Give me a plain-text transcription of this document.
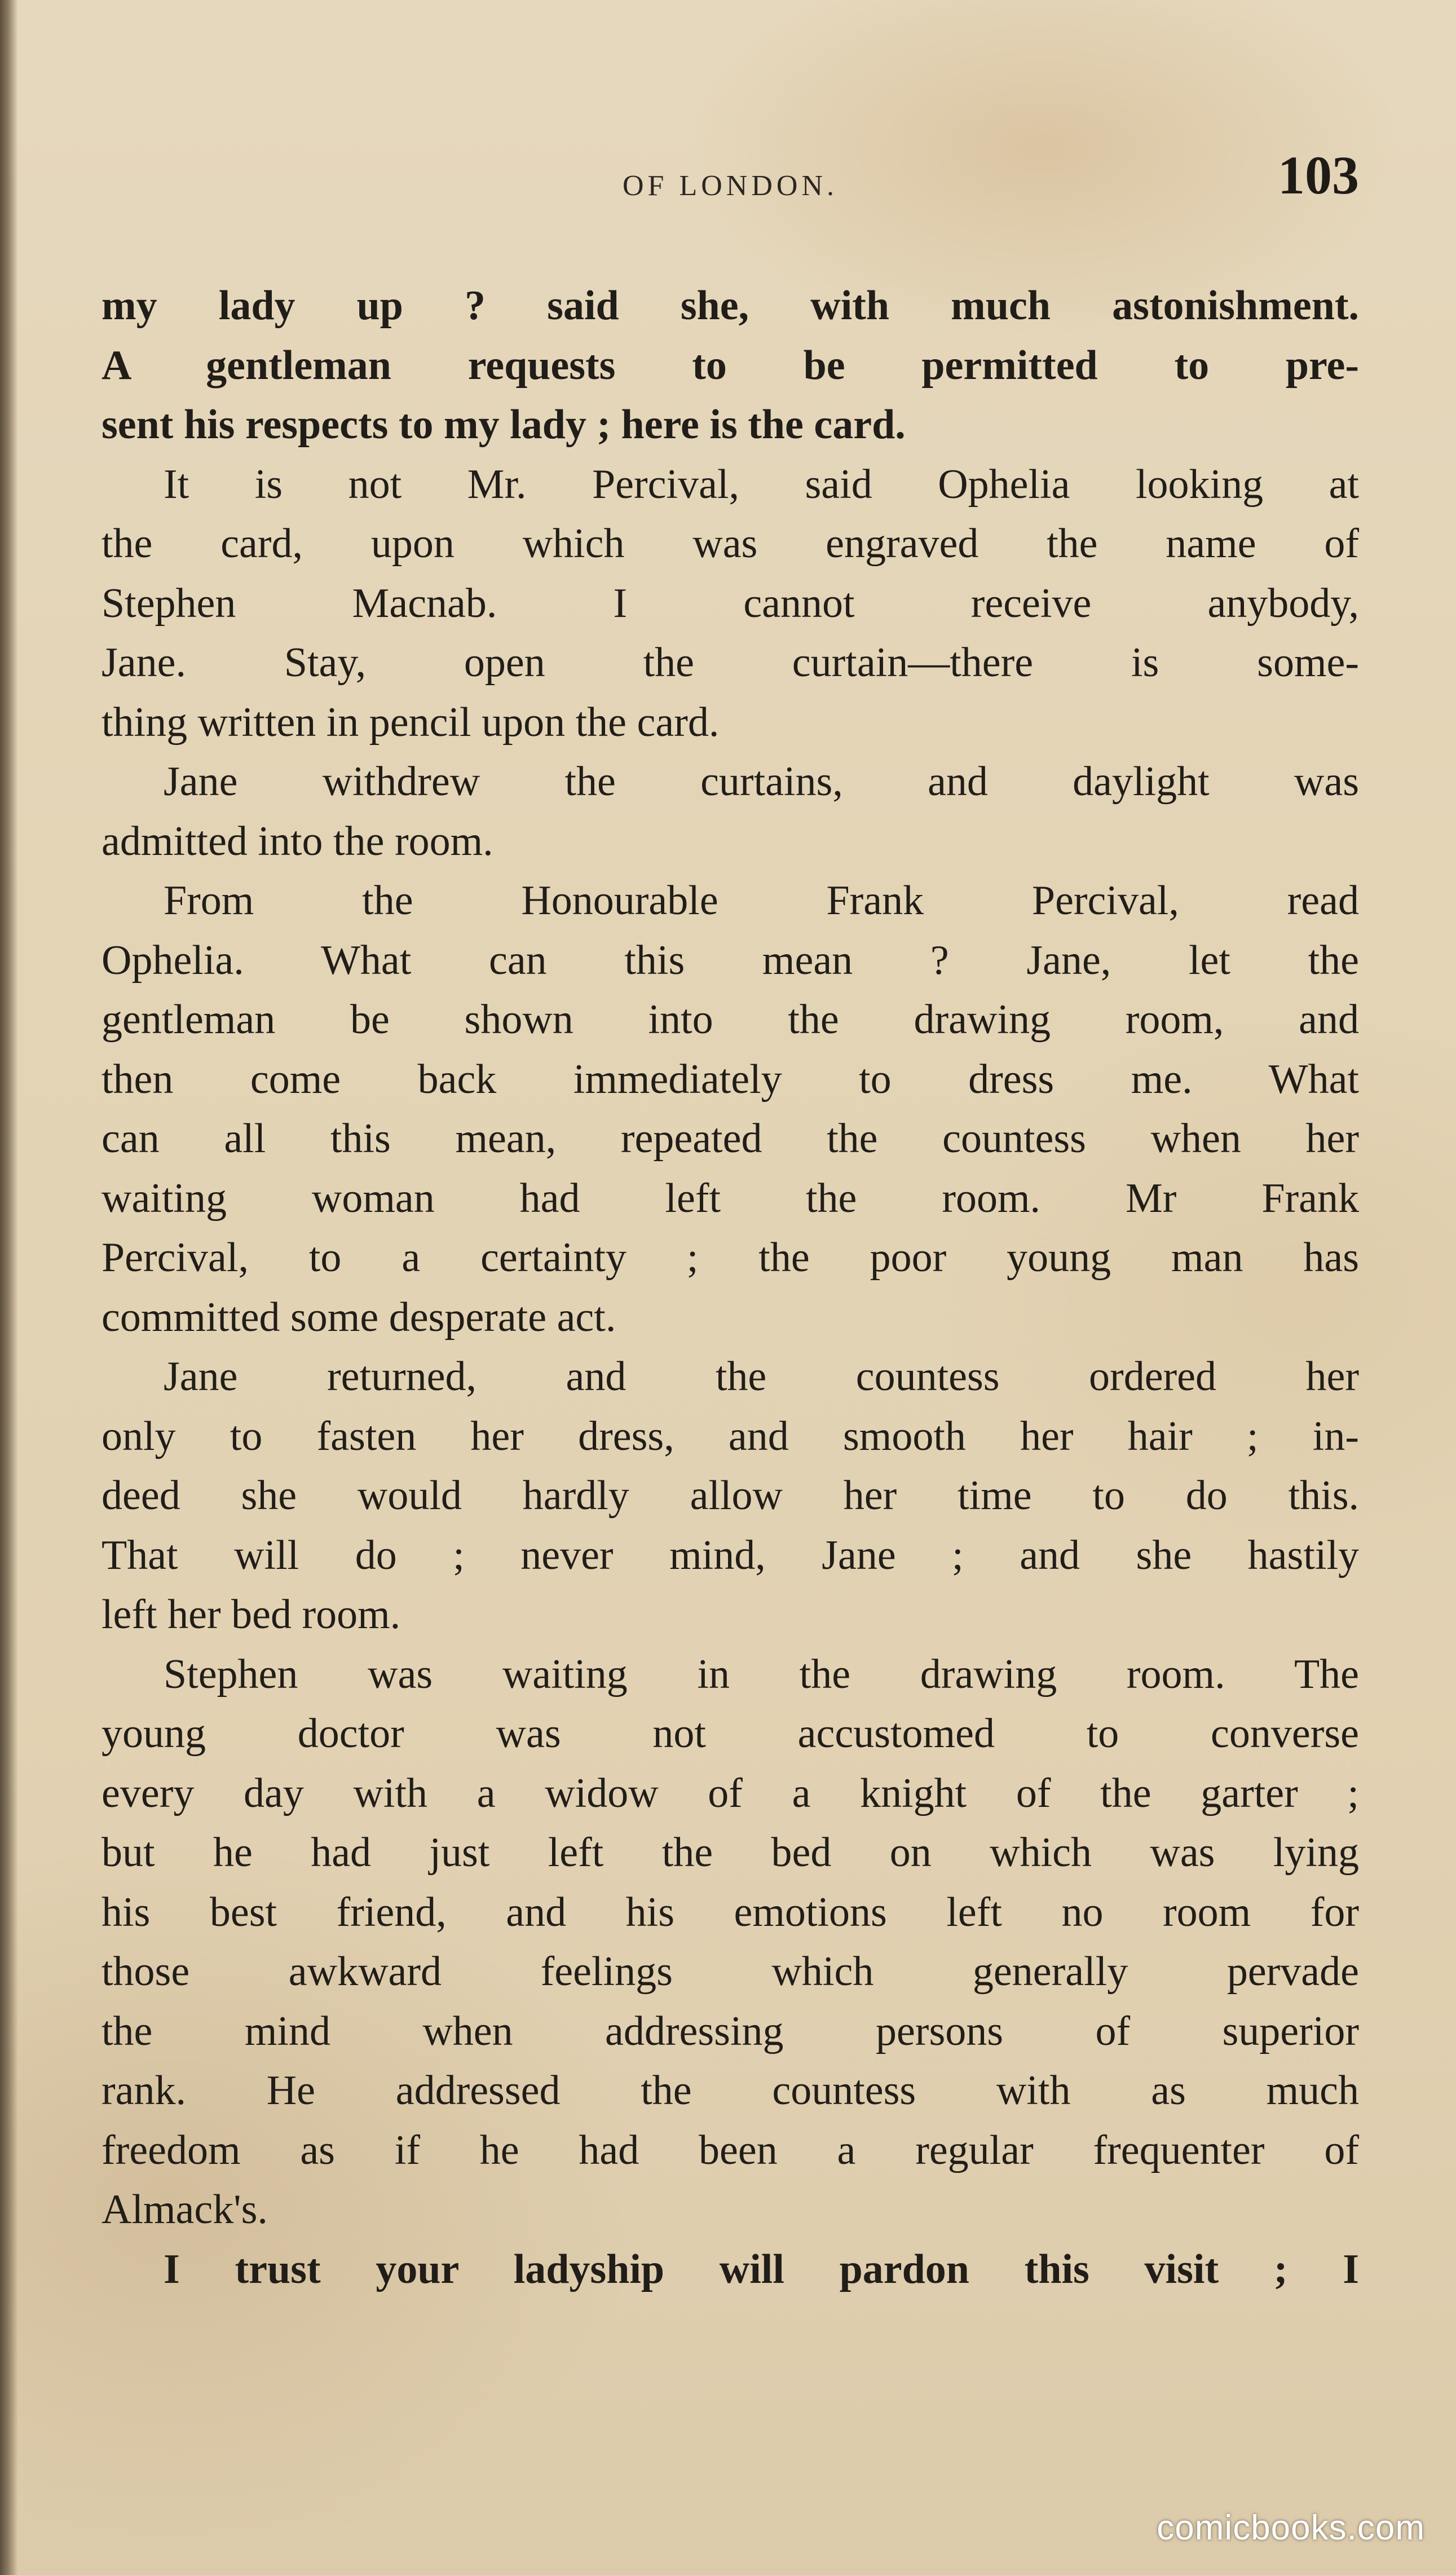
OF LONDON.	103
my lady up ? said she, with much astonishment.
A gentleman requests to be permitted to pre-
sent his respects to my lady ; here is the card.
It is not Mr. Percival, said Ophelia looking at
the card, upon which was engraved the name of
Stephen Macnab. I cannot receive anybody,
Jane. Stay, open the curtain—there is some-
thing written in pencil upon the card.
Jane withdrew the curtains, and daylight was
admitted into the room.
From the Honourable Frank Percival, read
Ophelia. What can this mean ? Jane, let the
gentleman be shown into the drawing room, and
then come back immediately to dress me. What
can all this mean, repeated the countess when her
waiting woman had left the room. Mr Frank
Percival, to a certainty ; the poor young man has
committed some desperate act.
Jane returned, and the countess ordered her
only to fasten her dress, and smooth her hair ; in-
deed she would hardly allow her time to do this.
That will do ; never mind, Jane ; and she hastily
left her bed room.
Stephen was waiting in the drawing room. The
young doctor was not accustomed to converse
every day with a widow of a knight of the garter ;
but he had just left the bed on which was lying
his best friend, and his emotions left no room for
those awkward feelings which generally pervade
the mind when addressing persons of superior
rank. He addressed the countess with as much
freedom as if he had been a regular frequenter of
Almack's.
I trust your ladyship will pardon this visit ; I
comicbooks.com
